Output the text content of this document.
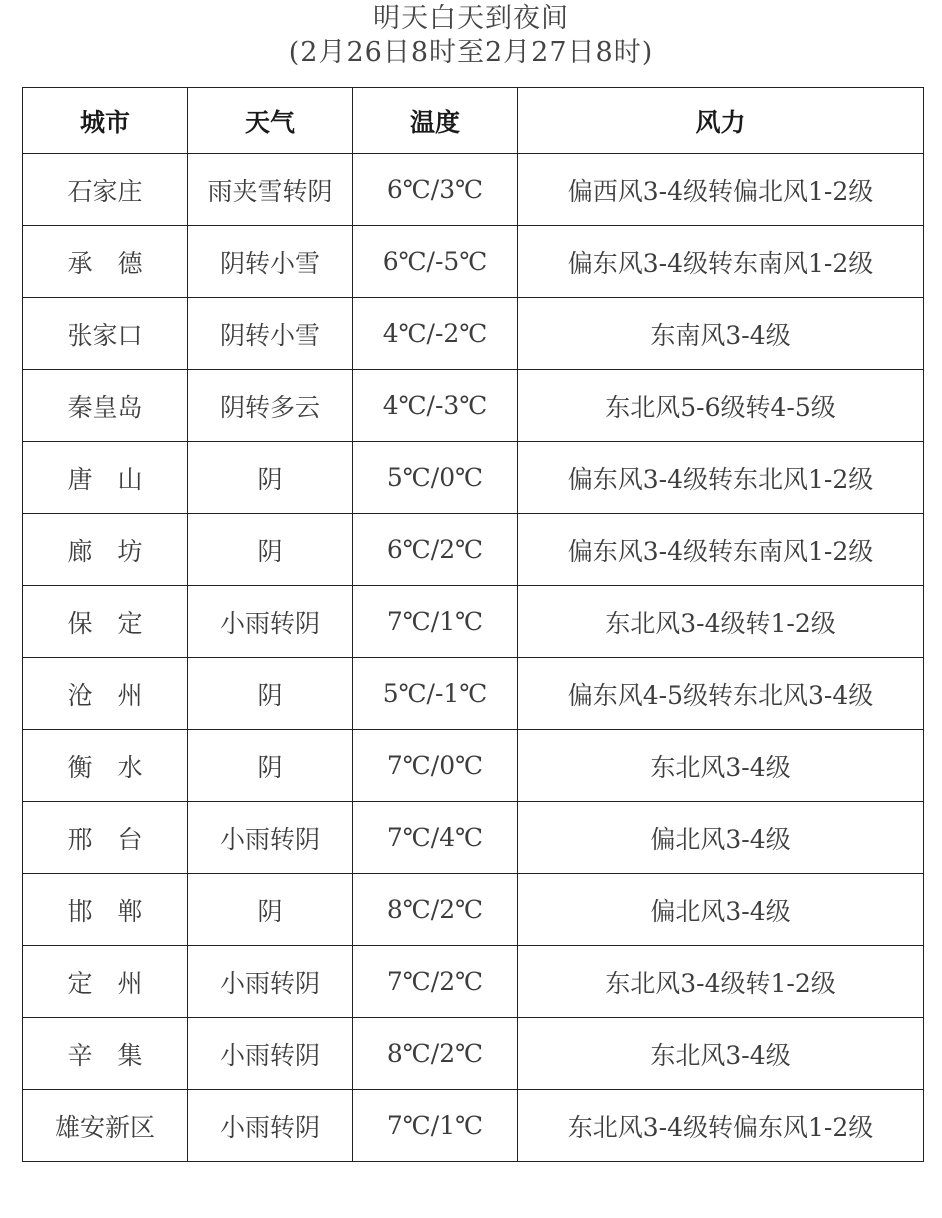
明天白天到夜间
(2月26日8时至2月27日8时)
城市	天气	温度	风力
石家庄	雨夹雪转阴	6℃/3℃	偏西风3-4级转偏北风1-2级
承　德	阴转小雪	6℃/-5℃	偏东风3-4级转东南风1-2级
张家口	阴转小雪	4℃/-2℃	东南风3-4级
秦皇岛	阴转多云	4℃/-3℃	东北风5-6级转4-5级
唐　山	阴	5℃/0℃	偏东风3-4级转东北风1-2级
廊　坊	阴	6℃/2℃	偏东风3-4级转东南风1-2级
保　定	小雨转阴	7℃/1℃	东北风3-4级转1-2级
沧　州	阴	5℃/-1℃	偏东风4-5级转东北风3-4级
衡　水	阴	7℃/0℃	东北风3-4级
邢　台	小雨转阴	7℃/4℃	偏北风3-4级
邯　郸	阴	8℃/2℃	偏北风3-4级
定　州	小雨转阴	7℃/2℃	东北风3-4级转1-2级
辛　集	小雨转阴	8℃/2℃	东北风3-4级
雄安新区	小雨转阴	7℃/1℃	东北风3-4级转偏东风1-2级
